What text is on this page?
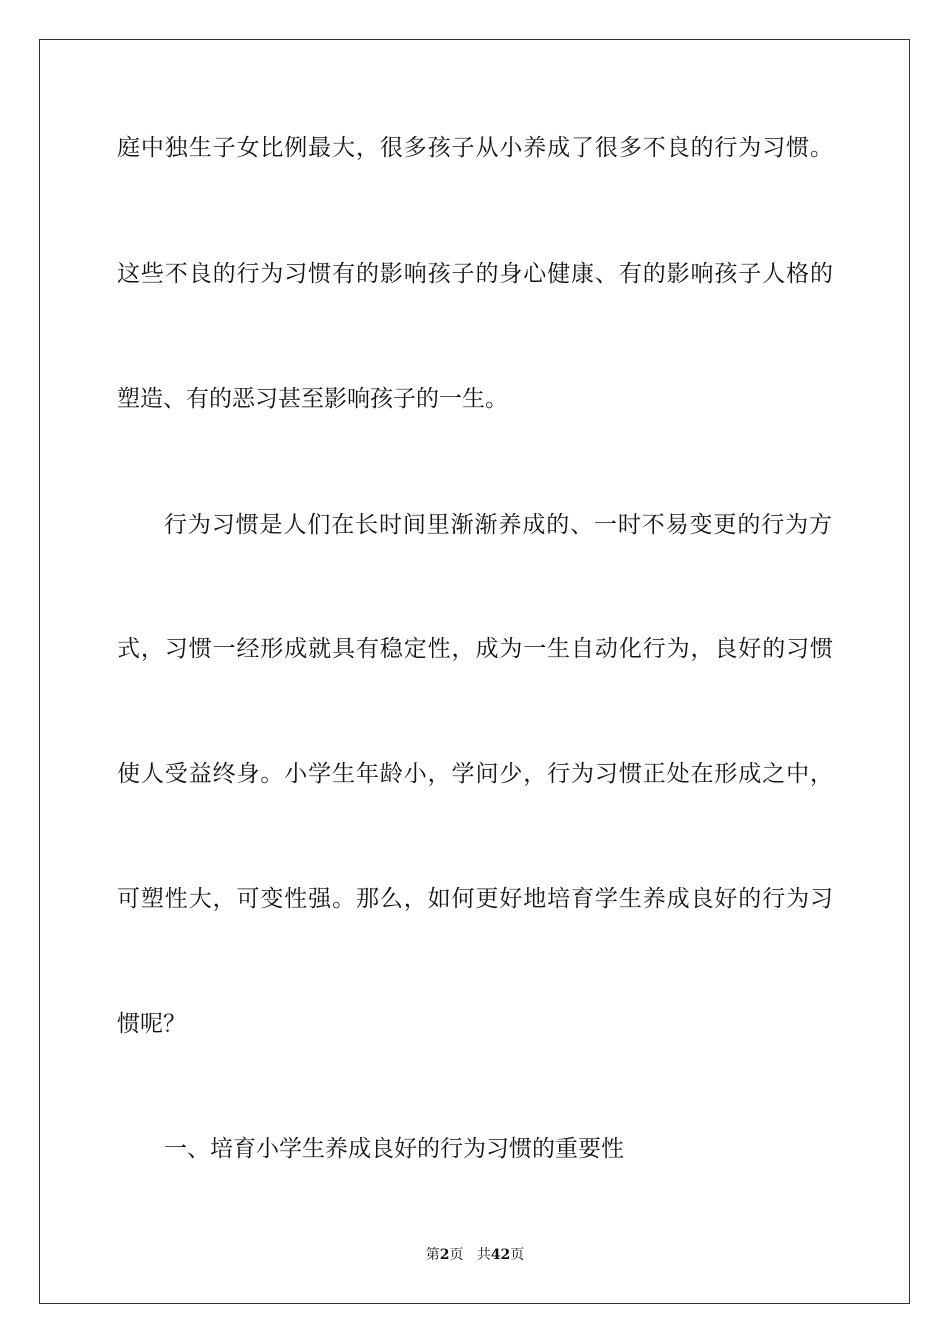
庭中独生子女比例最大，很多孩子从小养成了很多不良的行为习惯。
这些不良的行为习惯有的影响孩子的身心健康、有的影响孩子人格的
塑造、有的恶习甚至影响孩子的一生。
行为习惯是人们在长时间里渐渐养成的、一时不易变更的行为方
式，习惯一经形成就具有稳定性，成为一生自动化行为，良好的习惯
使人受益终身。小学生年龄小，学问少，行为习惯正处在形成之中，
可塑性大，可变性强。那么，如何更好地培育学生养成良好的行为习
惯呢？
一、培育小学生养成良好的行为习惯的重要性
第2页 共42页
